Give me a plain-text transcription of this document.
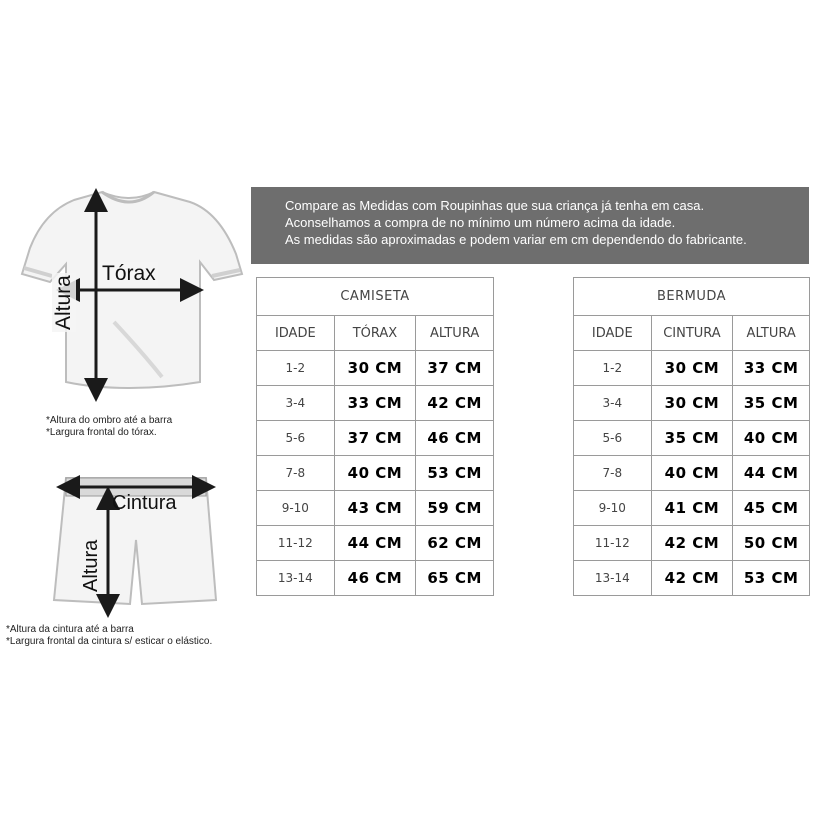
Tórax
Altura
*Altura do ombro até a barra
*Largura frontal do tórax.
Cintura
Altura
*Altura da cintura até a barra
*Largura frontal da cintura s/ esticar o elástico.
Compare as Medidas com Roupinhas que sua criança já tenha em casa.
Aconselhamos a compra de no mínimo um número acima da idade.
As medidas são aproximadas e podem variar em cm dependendo do fabricante.
CAMISETA		
IDADE	TÓRAX	ALTURA
1-2	30 CM	37 CM
3-4	33 CM	42 CM
5-6	37 CM	46 CM
7-8	40 CM	53 CM
9-10	43 CM	59 CM
11-12	44 CM	62 CM
13-14	46 CM	65 CM
BERMUDA		
IDADE	CINTURA	ALTURA
1-2	30 CM	33 CM
3-4	30 CM	35 CM
5-6	35 CM	40 CM
7-8	40 CM	44 CM
9-10	41 CM	45 CM
11-12	42 CM	50 CM
13-14	42 CM	53 CM
